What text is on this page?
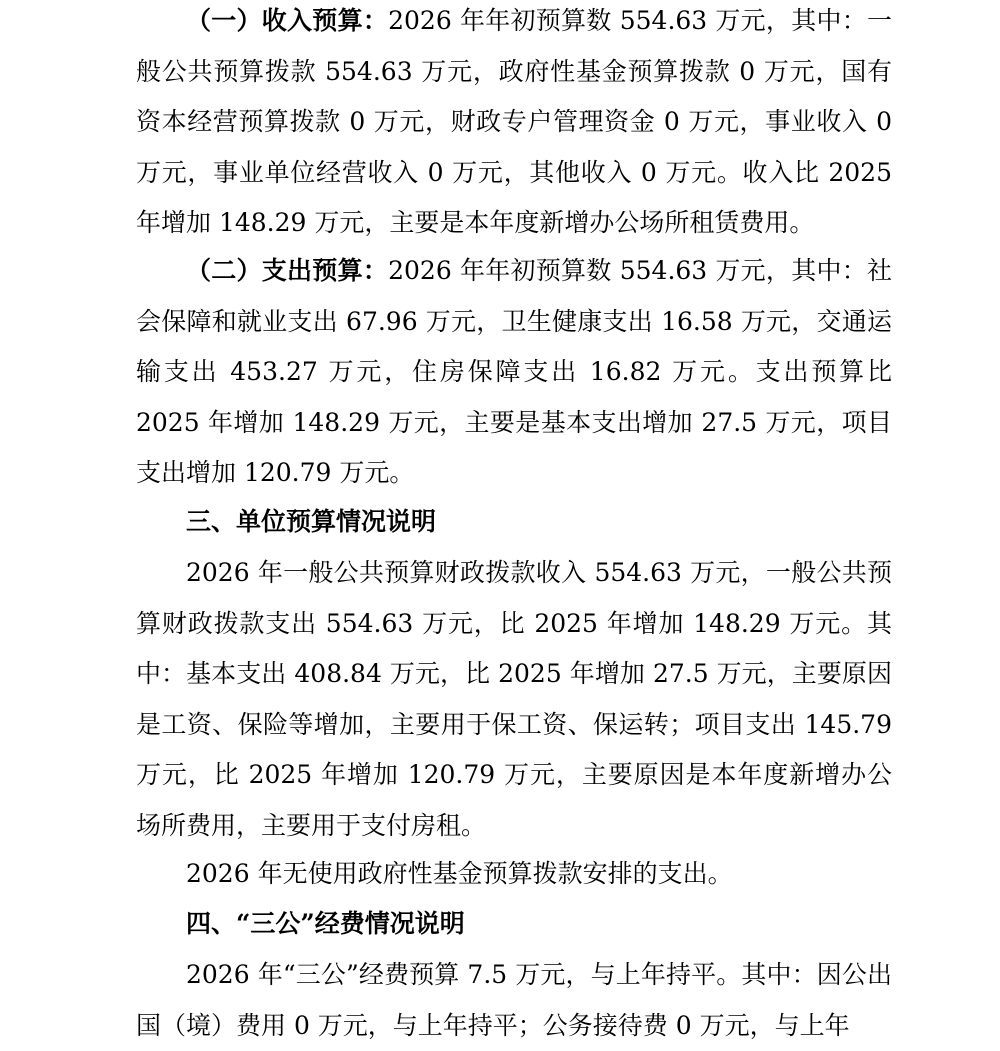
（一）收入预算：2026 年年初预算数 554.63 万元，其中：一般公共预算拨款 554.63 万元，政府性基金预算拨款 0 万元，国有资本经营预算拨款 0 万元，财政专户管理资金 0 万元，事业收入 0 万元，事业单位经营收入 0 万元，其他收入 0 万元。收入比 2025 年增加 148.29 万元，主要是本年度新增办公场所租赁费用。

（二）支出预算：2026 年年初预算数 554.63 万元，其中：社会保障和就业支出 67.96 万元，卫生健康支出 16.58 万元，交通运输支出 453.27 万元，住房保障支出 16.82 万元。支出预算比 2025 年增加 148.29 万元，主要是基本支出增加 27.5 万元，项目支出增加 120.79 万元。

三、单位预算情况说明

2026 年一般公共预算财政拨款收入 554.63 万元，一般公共预算财政拨款支出 554.63 万元，比 2025 年增加 148.29 万元。其中：基本支出 408.84 万元，比 2025 年增加 27.5 万元，主要原因是工资、保险等增加，主要用于保工资、保运转；项目支出 145.79 万元，比 2025 年增加 120.79 万元，主要原因是本年度新增办公场所费用，主要用于支付房租。

2026 年无使用政府性基金预算拨款安排的支出。

四、“三公”经费情况说明

2026 年“三公”经费预算 7.5 万元，与上年持平。其中：因公出国（境）费用 0 万元，与上年持平；公务接待费 0 万元，与上年
